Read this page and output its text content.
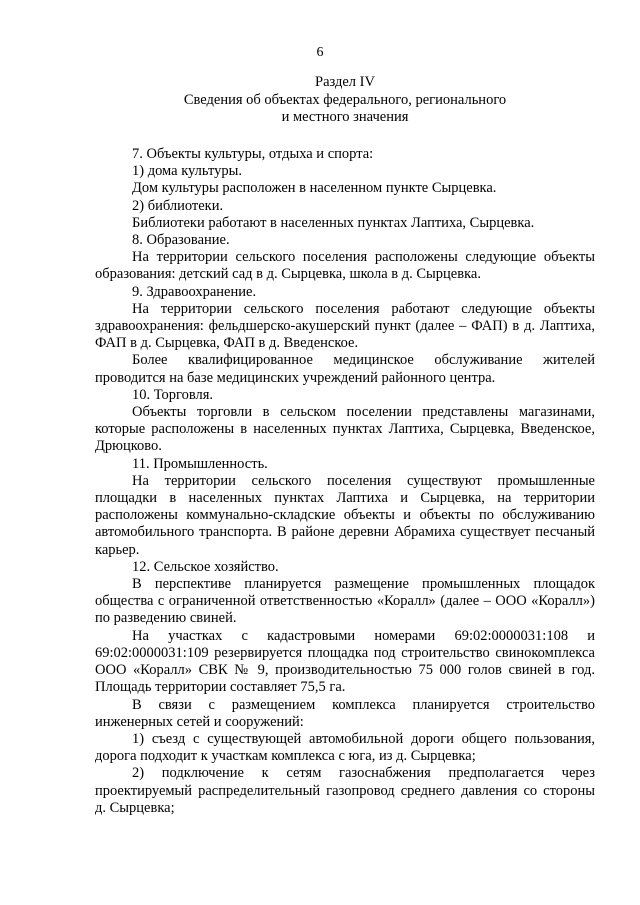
6
Раздел IV
Сведения об объектах федерального, регионального
и местного значения

7. Объекты культуры, отдыха и спорта:

1) дома культуры.

Дом культуры расположен в населенном пункте Сырцевка.

2) библиотеки.

Библиотеки работают в населенных пунктах Лаптиха, Сырцевка.

8. Образование.

На территории сельского поселения расположены следующие объекты образования: детский сад в д. Сырцевка, школа в д. Сырцевка.

9. Здравоохранение.

На территории сельского поселения работают следующие объекты здравоохранения: фельдшерско-акушерский пункт (далее – ФАП) в д. Лаптиха, ФАП в д. Сырцевка, ФАП в д. Введенское.

Более квалифицированное медицинское обслуживание жителей проводится на базе медицинских учреждений районного центра.

10. Торговля.

Объекты торговли в сельском поселении представлены магазинами, которые расположены в населенных пунктах Лаптиха, Сырцевка, Введенское, Дрюцково.

11. Промышленность.

На территории сельского поселения существуют промышленные площадки в населенных пунктах Лаптиха и Сырцевка, на территории расположены коммунально-складские объекты и объекты по обслуживанию автомобильного транспорта. В районе деревни Абрамиха существует песчаный карьер.

12. Сельское хозяйство.

В перспективе планируется размещение промышленных площадок общества с ограниченной ответственностью «Коралл» (далее – ООО «Коралл») по разведению свиней.

На участках с кадастровыми номерами 69:02:0000031:108 и 69:02:0000031:109 резервируется площадка под строительство свинокомплекса ООО «Коралл» СВК № 9, производительностью 75 000 голов свиней в год. Площадь территории составляет 75,5 га.

В связи с размещением комплекса планируется строительство инженерных сетей и сооружений:

1) съезд с существующей автомобильной дороги общего пользования, дорога подходит к участкам комплекса с юга, из д. Сырцевка;

2) подключение к сетям газоснабжения предполагается через проектируемый распределительный газопровод среднего давления со стороны д. Сырцевка;
